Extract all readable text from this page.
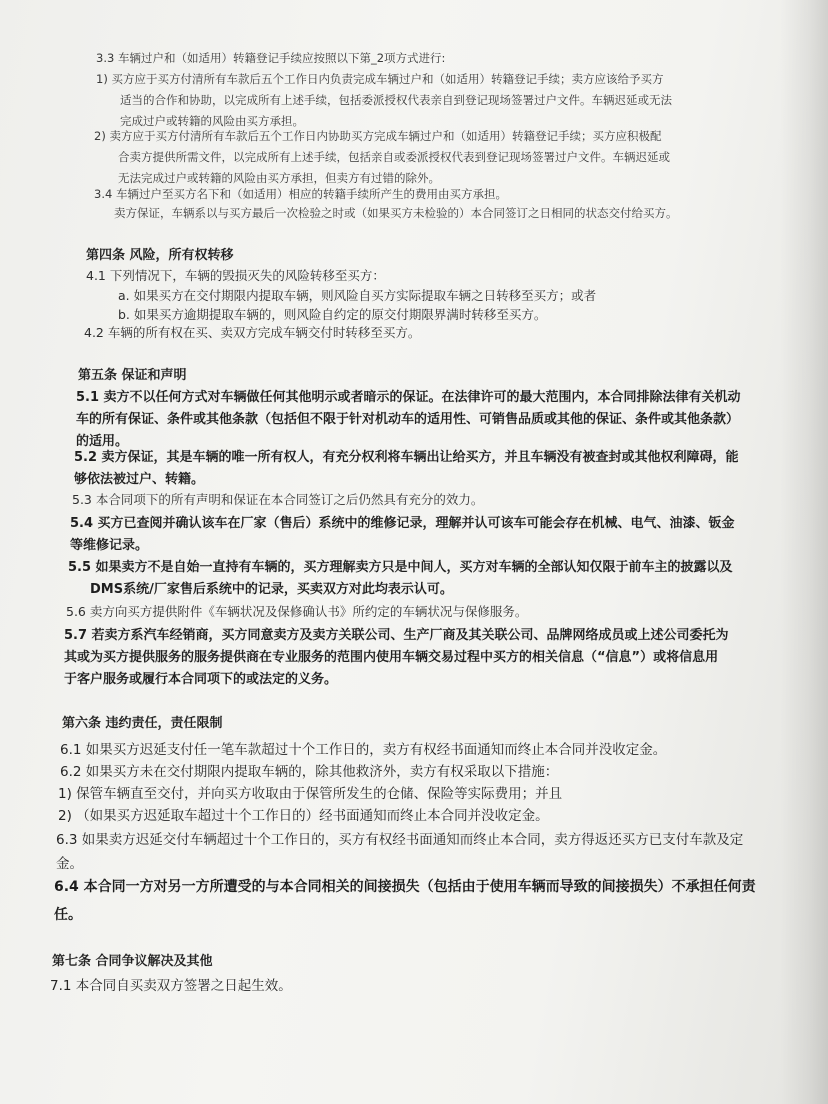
3.3 车辆过户和（如适用）转籍登记手续应按照以下第_2项方式进行:
1) 买方应于买方付清所有车款后五个工作日内负责完成车辆过户和（如适用）转籍登记手续；卖方应该给予买方
适当的合作和协助，以完成所有上述手续，包括委派授权代表亲自到登记现场签署过户文件。车辆迟延或无法
完成过户或转籍的风险由买方承担。
2) 卖方应于买方付清所有车款后五个工作日内协助买方完成车辆过户和（如适用）转籍登记手续；买方应积极配
合卖方提供所需文件，以完成所有上述手续，包括亲自或委派授权代表到登记现场签署过户文件。车辆迟延或
无法完成过户或转籍的风险由买方承担，但卖方有过错的除外。
3.4 车辆过户至买方名下和（如适用）相应的转籍手续所产生的费用由买方承担。
卖方保证，车辆系以与买方最后一次检验之时或（如果买方未检验的）本合同签订之日相同的状态交付给买方。
第四条 风险，所有权转移
4.1 下列情况下，车辆的毁损灭失的风险转移至买方：
a. 如果买方在交付期限内提取车辆，则风险自买方实际提取车辆之日转移至买方；或者
b. 如果买方逾期提取车辆的，则风险自约定的原交付期限界满时转移至买方。
4.2 车辆的所有权在买、卖双方完成车辆交付时转移至买方。
第五条 保证和声明
5.1 卖方不以任何方式对车辆做任何其他明示或者暗示的保证。在法律许可的最大范围内，本合同排除法律有关机动
车的所有保证、条件或其他条款（包括但不限于针对机动车的适用性、可销售品质或其他的保证、条件或其他条款）
的适用。
5.2 卖方保证，其是车辆的唯一所有权人，有充分权利将车辆出让给买方，并且车辆没有被查封或其他权利障碍，能
够依法被过户、转籍。
5.3 本合同项下的所有声明和保证在本合同签订之后仍然具有充分的效力。
5.4 买方已查阅并确认该车在厂家（售后）系统中的维修记录，理解并认可该车可能会存在机械、电气、油漆、钣金
等维修记录。
5.5 如果卖方不是自始一直持有车辆的，买方理解卖方只是中间人，买方对车辆的全部认知仅限于前车主的披露以及
DMS系统/厂家售后系统中的记录，买卖双方对此均表示认可。
5.6 卖方向买方提供附件《车辆状况及保修确认书》所约定的车辆状况与保修服务。
5.7 若卖方系汽车经销商，买方同意卖方及卖方关联公司、生产厂商及其关联公司、品牌网络成员或上述公司委托为
其或为买方提供服务的服务提供商在专业服务的范围内使用车辆交易过程中买方的相关信息（“信息”）或将信息用
于客户服务或履行本合同项下的或法定的义务。
第六条 违约责任，责任限制
6.1 如果买方迟延支付任一笔车款超过十个工作日的，卖方有权经书面通知而终止本合同并没收定金。
6.2 如果买方未在交付期限内提取车辆的，除其他救济外，卖方有权采取以下措施：
1) 保管车辆直至交付，并向买方收取由于保管所发生的仓储、保险等实际费用；并且
2) （如果买方迟延取车超过十个工作日的）经书面通知而终止本合同并没收定金。
6.3 如果卖方迟延交付车辆超过十个工作日的，买方有权经书面通知而终止本合同，卖方得返还买方已支付车款及定
金。
6.4 本合同一方对另一方所遭受的与本合同相关的间接损失（包括由于使用车辆而导致的间接损失）不承担任何责
任。
第七条 合同争议解决及其他
7.1 本合同自买卖双方签署之日起生效。
